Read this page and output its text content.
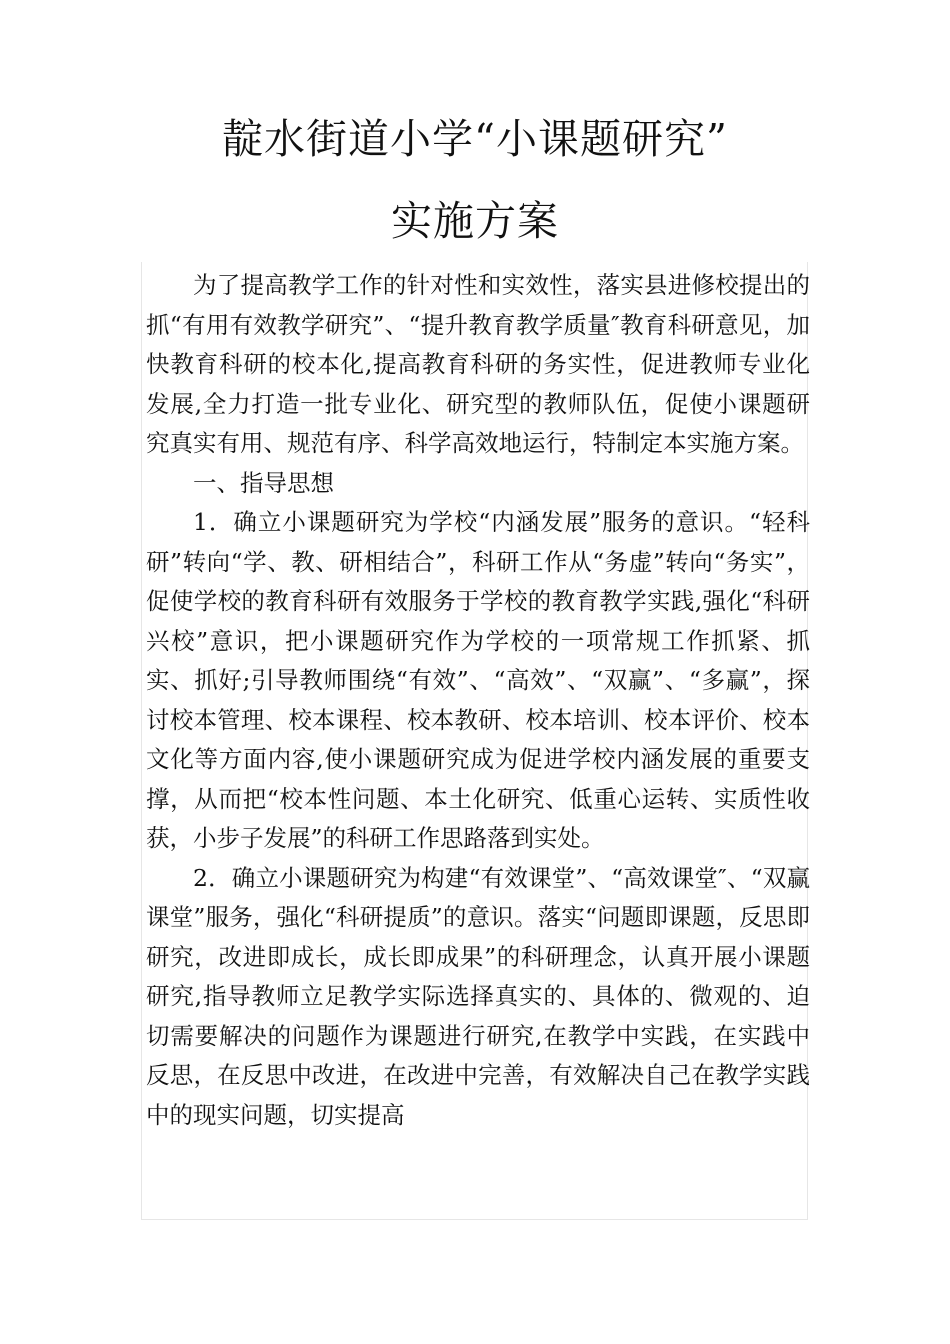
靛水街道小学“小课题研究”
实施方案

为了提高教学工作的针对性和实效性，落实县进修校提出的抓“有用有效教学研究”、“提升教育教学质量″教育科研意见，加快教育科研的校本化,提高教育科研的务实性，促进教师专业化发展,全力打造一批专业化、研究型的教师队伍，促使小课题研究真实有用、规范有序、科学高效地运行，特制定本实施方案。

一、指导思想

1．确立小课题研究为学校“内涵发展”服务的意识。“轻科研”转向“学、教、研相结合”，科研工作从“务虚”转向“务实”，促使学校的教育科研有效服务于学校的教育教学实践,强化“科研兴校”意识，把小课题研究作为学校的一项常规工作抓紧、抓实、抓好;引导教师围绕“有效”、“高效”、“双赢”、“多赢”，探讨校本管理、校本课程、校本教研、校本培训、校本评价、校本文化等方面内容,使小课题研究成为促进学校内涵发展的重要支撑，从而把“校本性问题、本土化研究、低重心运转、实质性收获，小步子发展”的科研工作思路落到实处。

2．确立小课题研究为构建“有效课堂”、“高效课堂″、“双赢课堂”服务，强化“科研提质”的意识。落实“问题即课题，反思即研究，改进即成长，成长即成果”的科研理念，认真开展小课题研究,指导教师立足教学实际选择真实的、具体的、微观的、迫切需要解决的问题作为课题进行研究,在教学中实践，在实践中反思，在反思中改进，在改进中完善，有效解决自己在教学实践中的现实问题，切实提高
